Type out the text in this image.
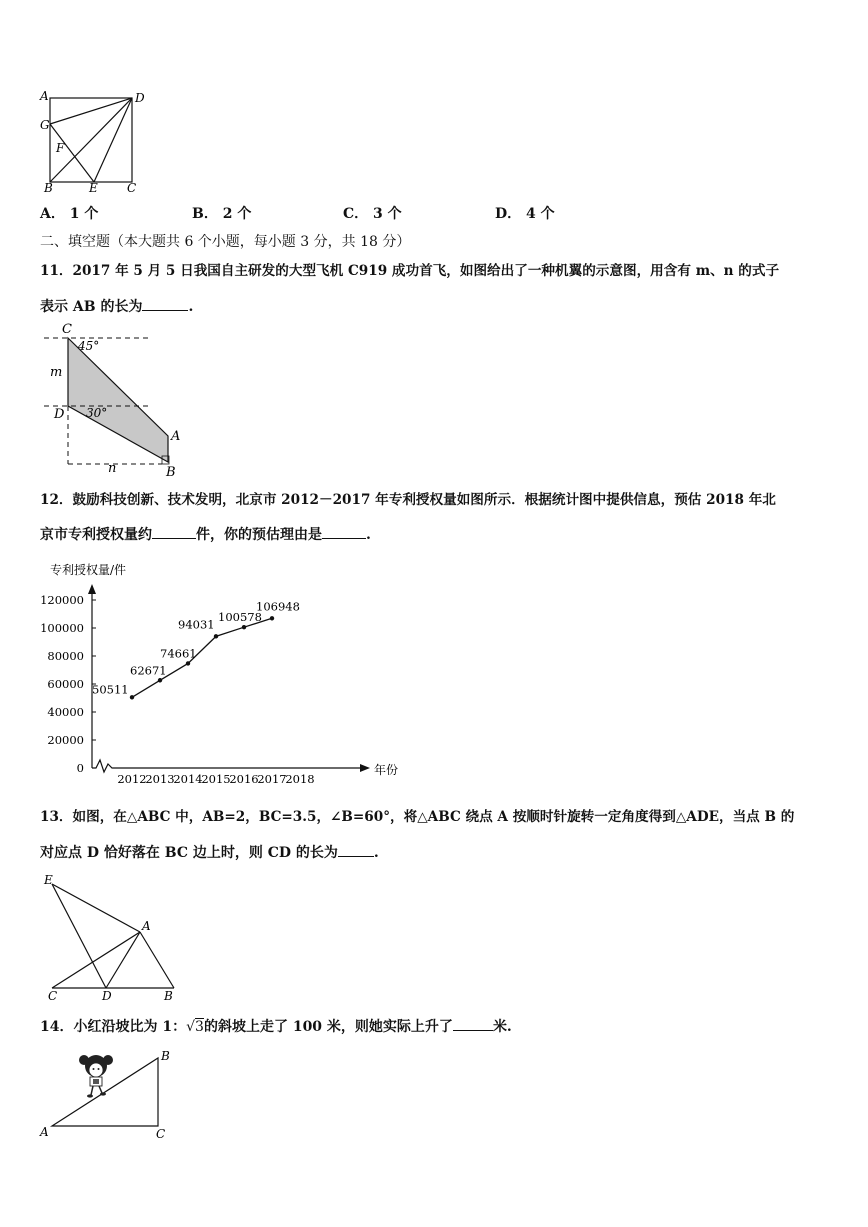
A	D
G
F
B	E C
A． 1 个	B． 2 个	C． 3 个	D． 4 个
二、填空题（本大题共 6 个小题，每小题 3 分，共 18 分）
11．2017 年 5 月 5 日我国自主研发的大型飞机 C919 成功首飞，如图给出了一种机翼的示意图，用含有 m、n 的式子
表示 AB 的长为	.
C
45°
m
D 30°
A
n	B
12．鼓励科技创新、技术发明，北京市 2012－2017 年专利授权量如图所示．根据统计图中提供信息，预估 2018 年北
京市专利授权量约	件，你的预估理由是	.
专利授权量/件
年份
0
20000
40000
60000
80000
100000
120000
2012
2013
2014
2015
2016
2017
2018
50511
62671
74661
94031
100578
106948
13．如图，在△ABC 中，AB=2，BC=3.5，∠B=60°，将△ABC 绕点 A 按顺时针旋转一定角度得到△ADE，当点 B 的
对应点 D 恰好落在 BC 边上时，则 CD 的长为	.
E
A
C	D	B
14．小红沿坡比为 1：√3的斜坡上走了 100 米，则她实际上升了	米.
B
A	C
